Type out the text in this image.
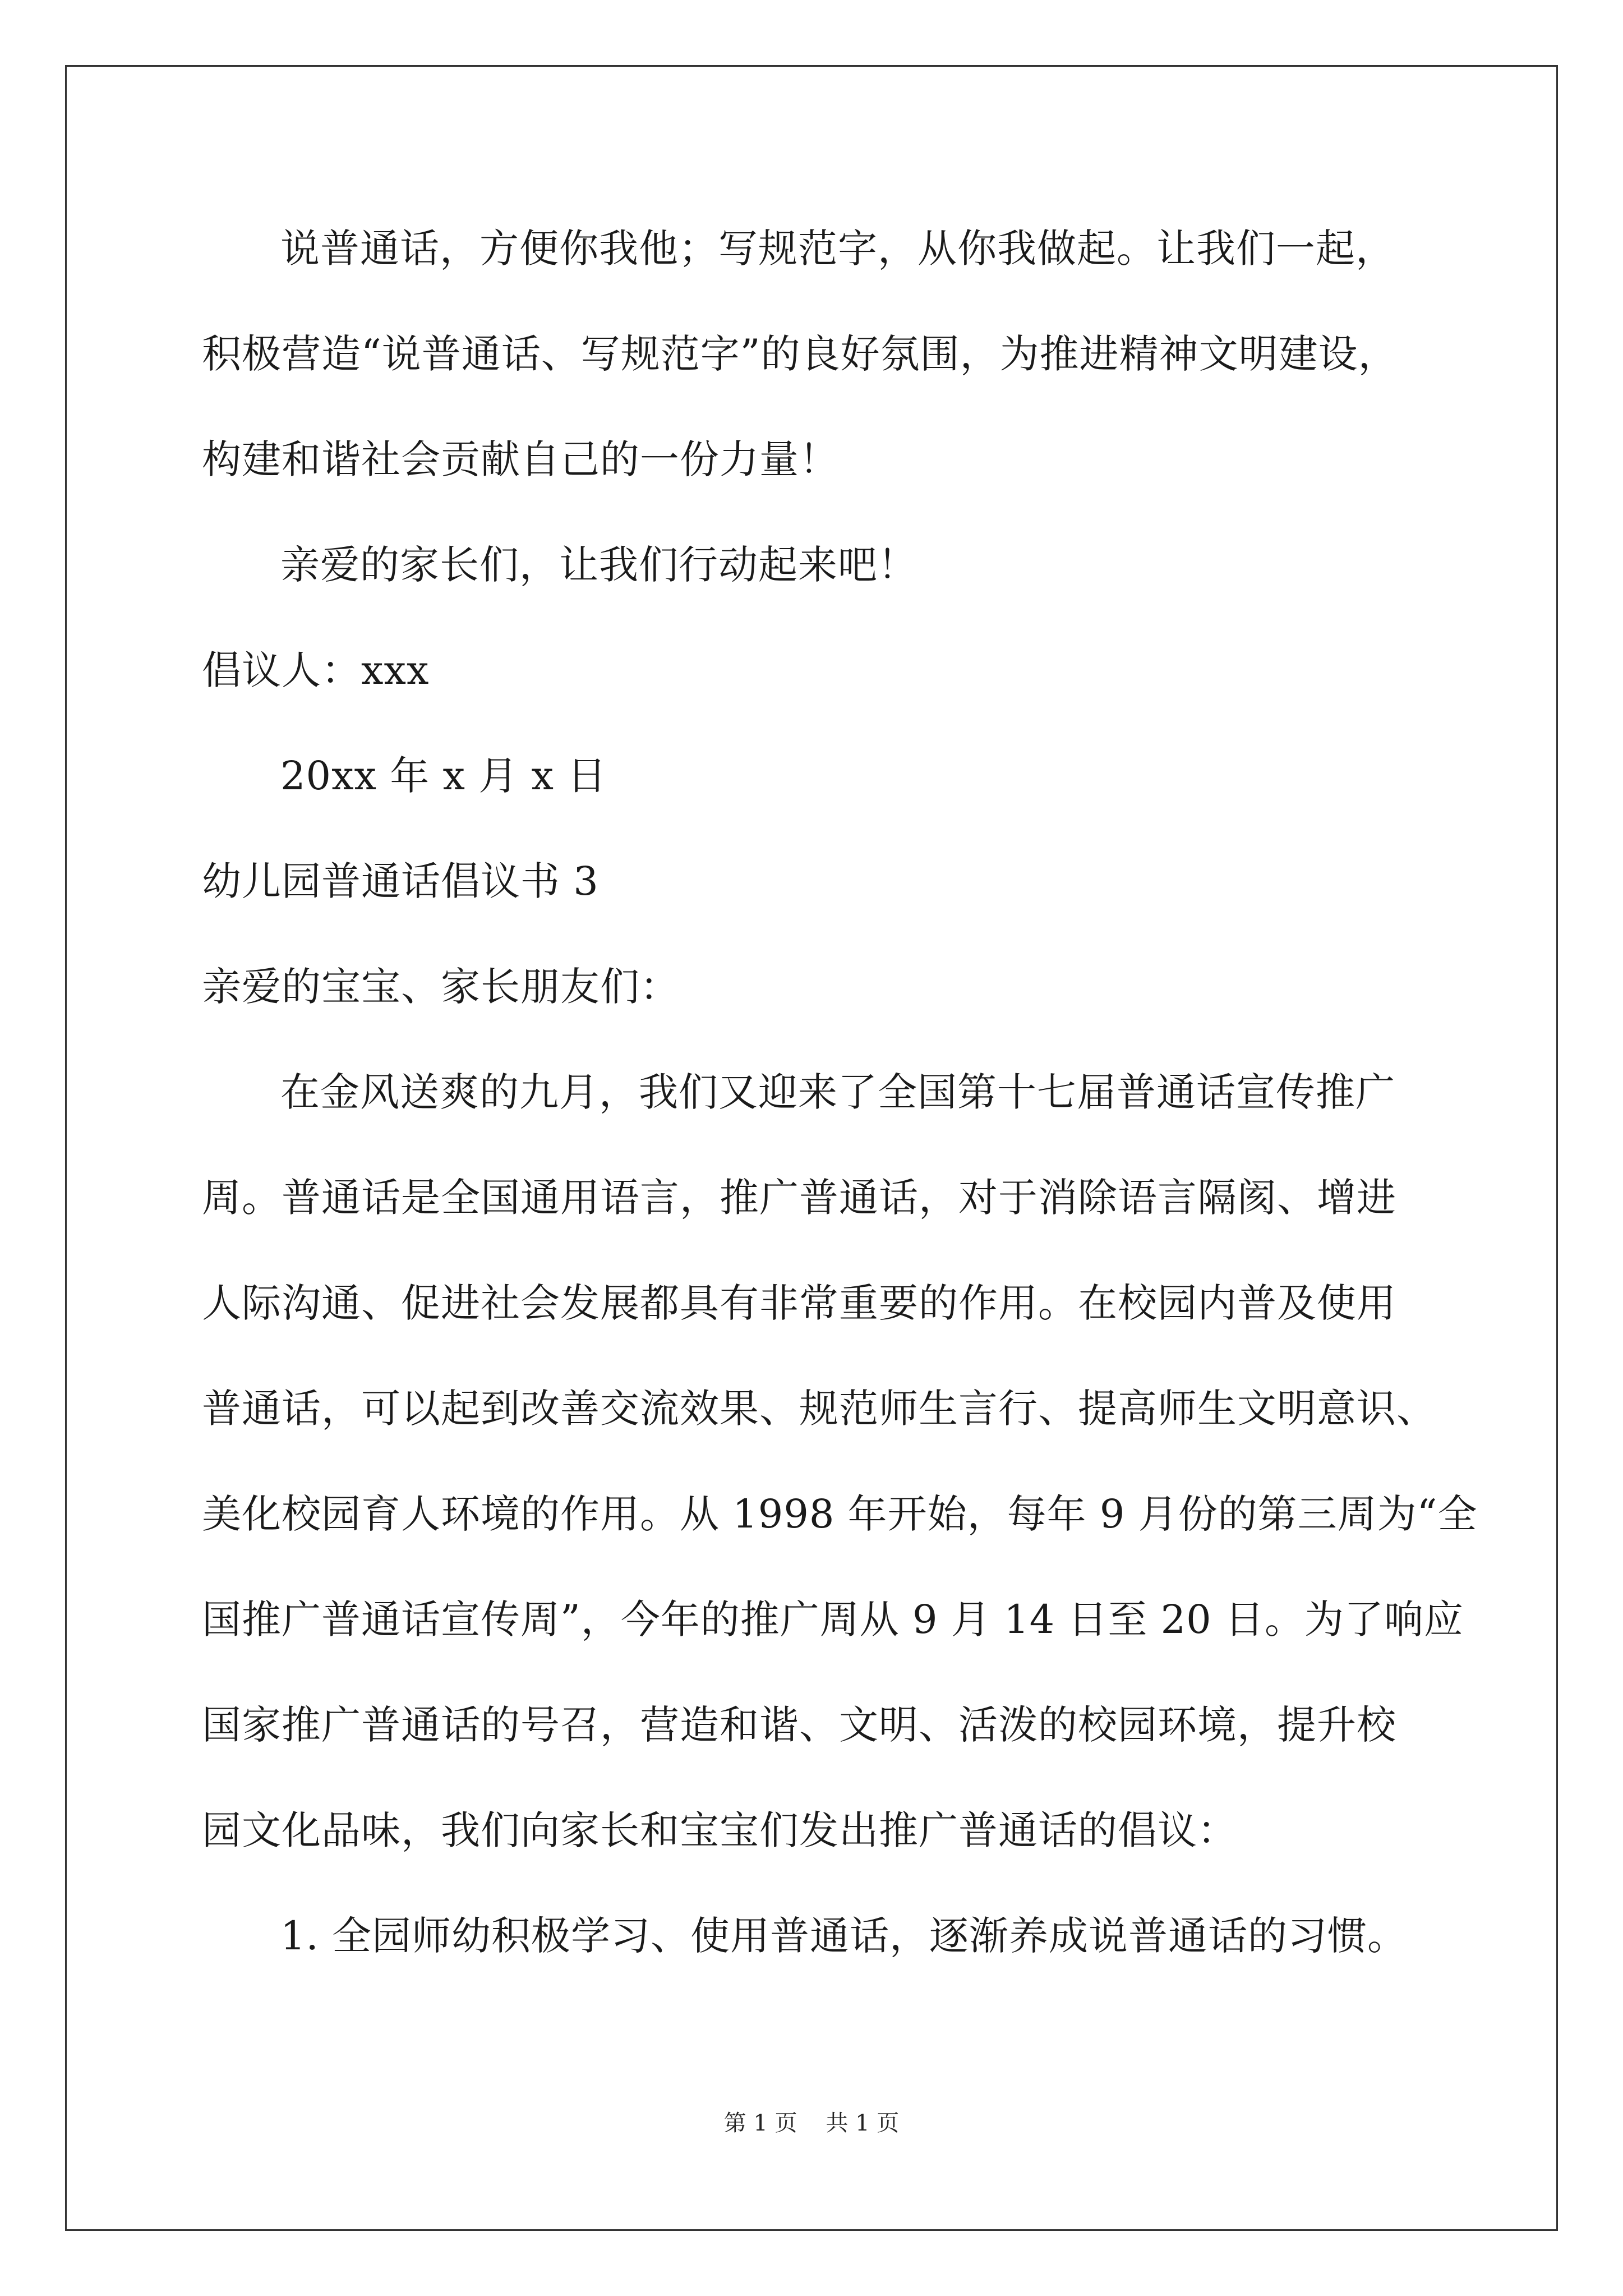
说普通话，方便你我他；写规范字，从你我做起。让我们一起，
积极营造“说普通话、写规范字”的良好氛围，为推进精神文明建设，
构建和谐社会贡献自己的一份力量！
亲爱的家长们，让我们行动起来吧！
倡议人：xxx
20xx 年 x 月 x 日
幼儿园普通话倡议书 3
亲爱的宝宝、家长朋友们：
在金风送爽的九月，我们又迎来了全国第十七届普通话宣传推广
周。普通话是全国通用语言，推广普通话，对于消除语言隔阂、增进
人际沟通、促进社会发展都具有非常重要的作用。在校园内普及使用
普通话，可以起到改善交流效果、规范师生言行、提高师生文明意识、
美化校园育人环境的作用。从 1998 年开始，每年 9 月份的第三周为“全
国推广普通话宣传周”，今年的推广周从 9 月 14 日至 20 日。为了响应
国家推广普通话的号召，营造和谐、文明、活泼的校园环境，提升校
园文化品味，我们向家长和宝宝们发出推广普通话的倡议：
1. 全园师幼积极学习、使用普通话，逐渐养成说普通话的习惯。
第 1 页    共 1 页
